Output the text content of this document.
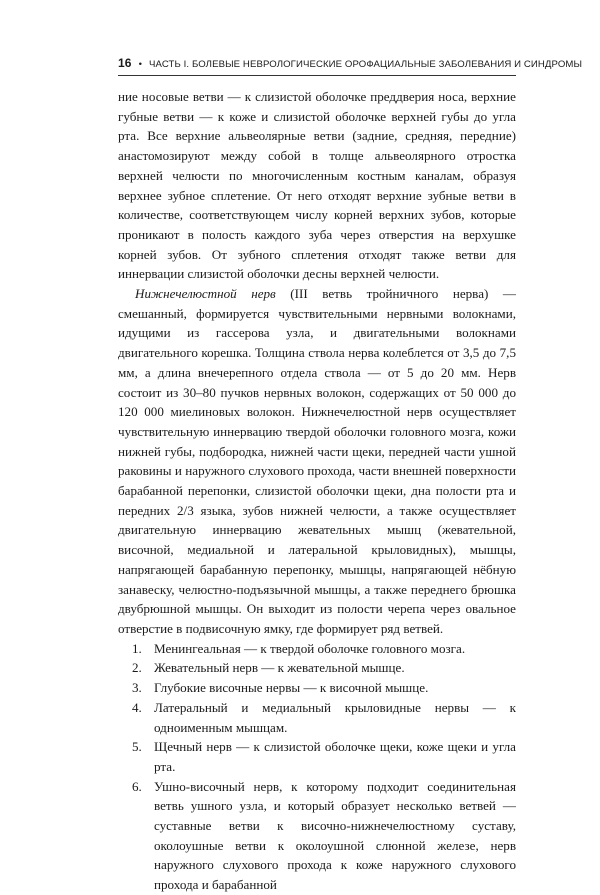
16 • ЧАСТЬ I. БОЛЕВЫЕ НЕВРОЛОГИЧЕСКИЕ ОРОФАЦИАЛЬНЫЕ ЗАБОЛЕВАНИЯ И СИНДРОМЫ

ние носовые ветви — к слизистой оболочке преддверия носа, верхние губные ветви — к коже и слизистой оболочке верхней губы до угла рта. Все верхние альвеолярные ветви (задние, средняя, передние) анастомозируют между собой в толще альвеолярного отростка верхней челюсти по многочисленным костным каналам, образуя верхнее зубное сплетение. От него отходят верхние зубные ветви в количестве, соответствующем числу корней верхних зубов, которые проникают в полость каждого зуба через отверстия на верхушке корней зубов. От зубного сплетения отходят также ветви для иннервации слизистой оболочки десны верхней челюсти.

Нижнечелюстной нерв (III ветвь тройничного нерва) — смешанный, формируется чувствительными нервными волокнами, идущими из гассерова узла, и двигательными волокнами двигательного корешка. Толщина ствола нерва колеблется от 3,5 до 7,5 мм, а длина внечерепного отдела ствола — от 5 до 20 мм. Нерв состоит из 30–80 пучков нервных волокон, содержащих от 50 000 до 120 000 миелиновых волокон. Нижнечелюстной нерв осуществляет чувствительную иннервацию твердой оболочки головного мозга, кожи нижней губы, подбородка, нижней части щеки, передней части ушной раковины и наружного слухового прохода, части внешней поверхности барабанной перепонки, слизистой оболочки щеки, дна полости рта и передних 2/3 языка, зубов нижней челюсти, а также осуществляет двигательную иннервацию жевательных мышц (жевательной, височной, медиальной и латеральной крыловидных), мышцы, напрягающей барабанную перепонку, мышцы, напрягающей нёбную занавеску, челюстно-подъязычной мышцы, а также переднего брюшка двубрюшной мышцы. Он выходит из полости черепа через овальное отверстие в подвисочную ямку, где формирует ряд ветвей.

1. Менингеальная — к твердой оболочке головного мозга.
2. Жевательный нерв — к жевательной мышце.
3. Глубокие височные нервы — к височной мышце.
4. Латеральный и медиальный крыловидные нервы — к одноименным мышцам.
5. Щечный нерв — к слизистой оболочке щеки, коже щеки и угла рта.
6. Ушно-височный нерв, к которому подходит соединительная ветвь ушного узла, и который образует несколько ветвей — суставные ветви к височно-нижнечелюстному суставу, околоушные ветви к околоушной слюнной железе, нерв наружного слухового прохода к коже наружного слухового прохода и барабанной
